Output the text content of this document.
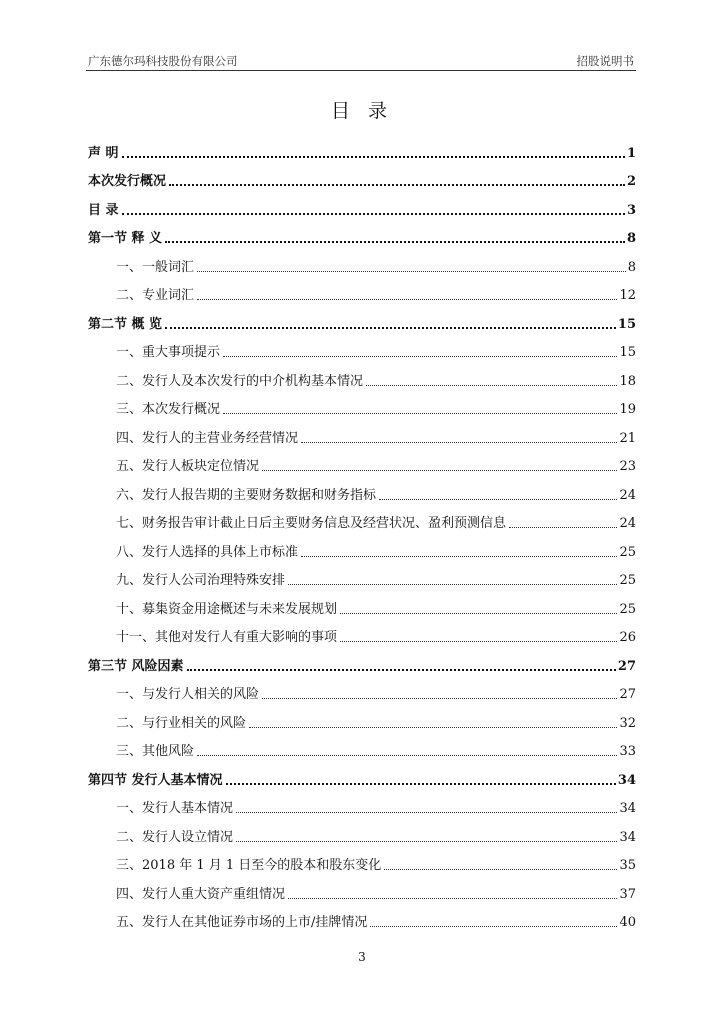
广东德尔玛科技股份有限公司	招股说明书
目 录
声 明	1
本次发行概况	2
目 录	3
第一节 释 义	8
一、一般词汇	8
二、专业词汇	12
第二节 概 览	15
一、重大事项提示	15
二、发行人及本次发行的中介机构基本情况	18
三、本次发行概况	19
四、发行人的主营业务经营情况	21
五、发行人板块定位情况	23
六、发行人报告期的主要财务数据和财务指标	24
七、财务报告审计截止日后主要财务信息及经营状况、盈利预测信息	24
八、发行人选择的具体上市标准	25
九、发行人公司治理特殊安排	25
十、募集资金用途概述与未来发展规划	25
十一、其他对发行人有重大影响的事项	26
第三节 风险因素	27
一、与发行人相关的风险	27
二、与行业相关的风险	32
三、其他风险	33
第四节 发行人基本情况	34
一、发行人基本情况	34
二、发行人设立情况	34
三、2018 年 1 月 1 日至今的股本和股东变化	35
四、发行人重大资产重组情况	37
五、发行人在其他证券市场的上市/挂牌情况	40
3
